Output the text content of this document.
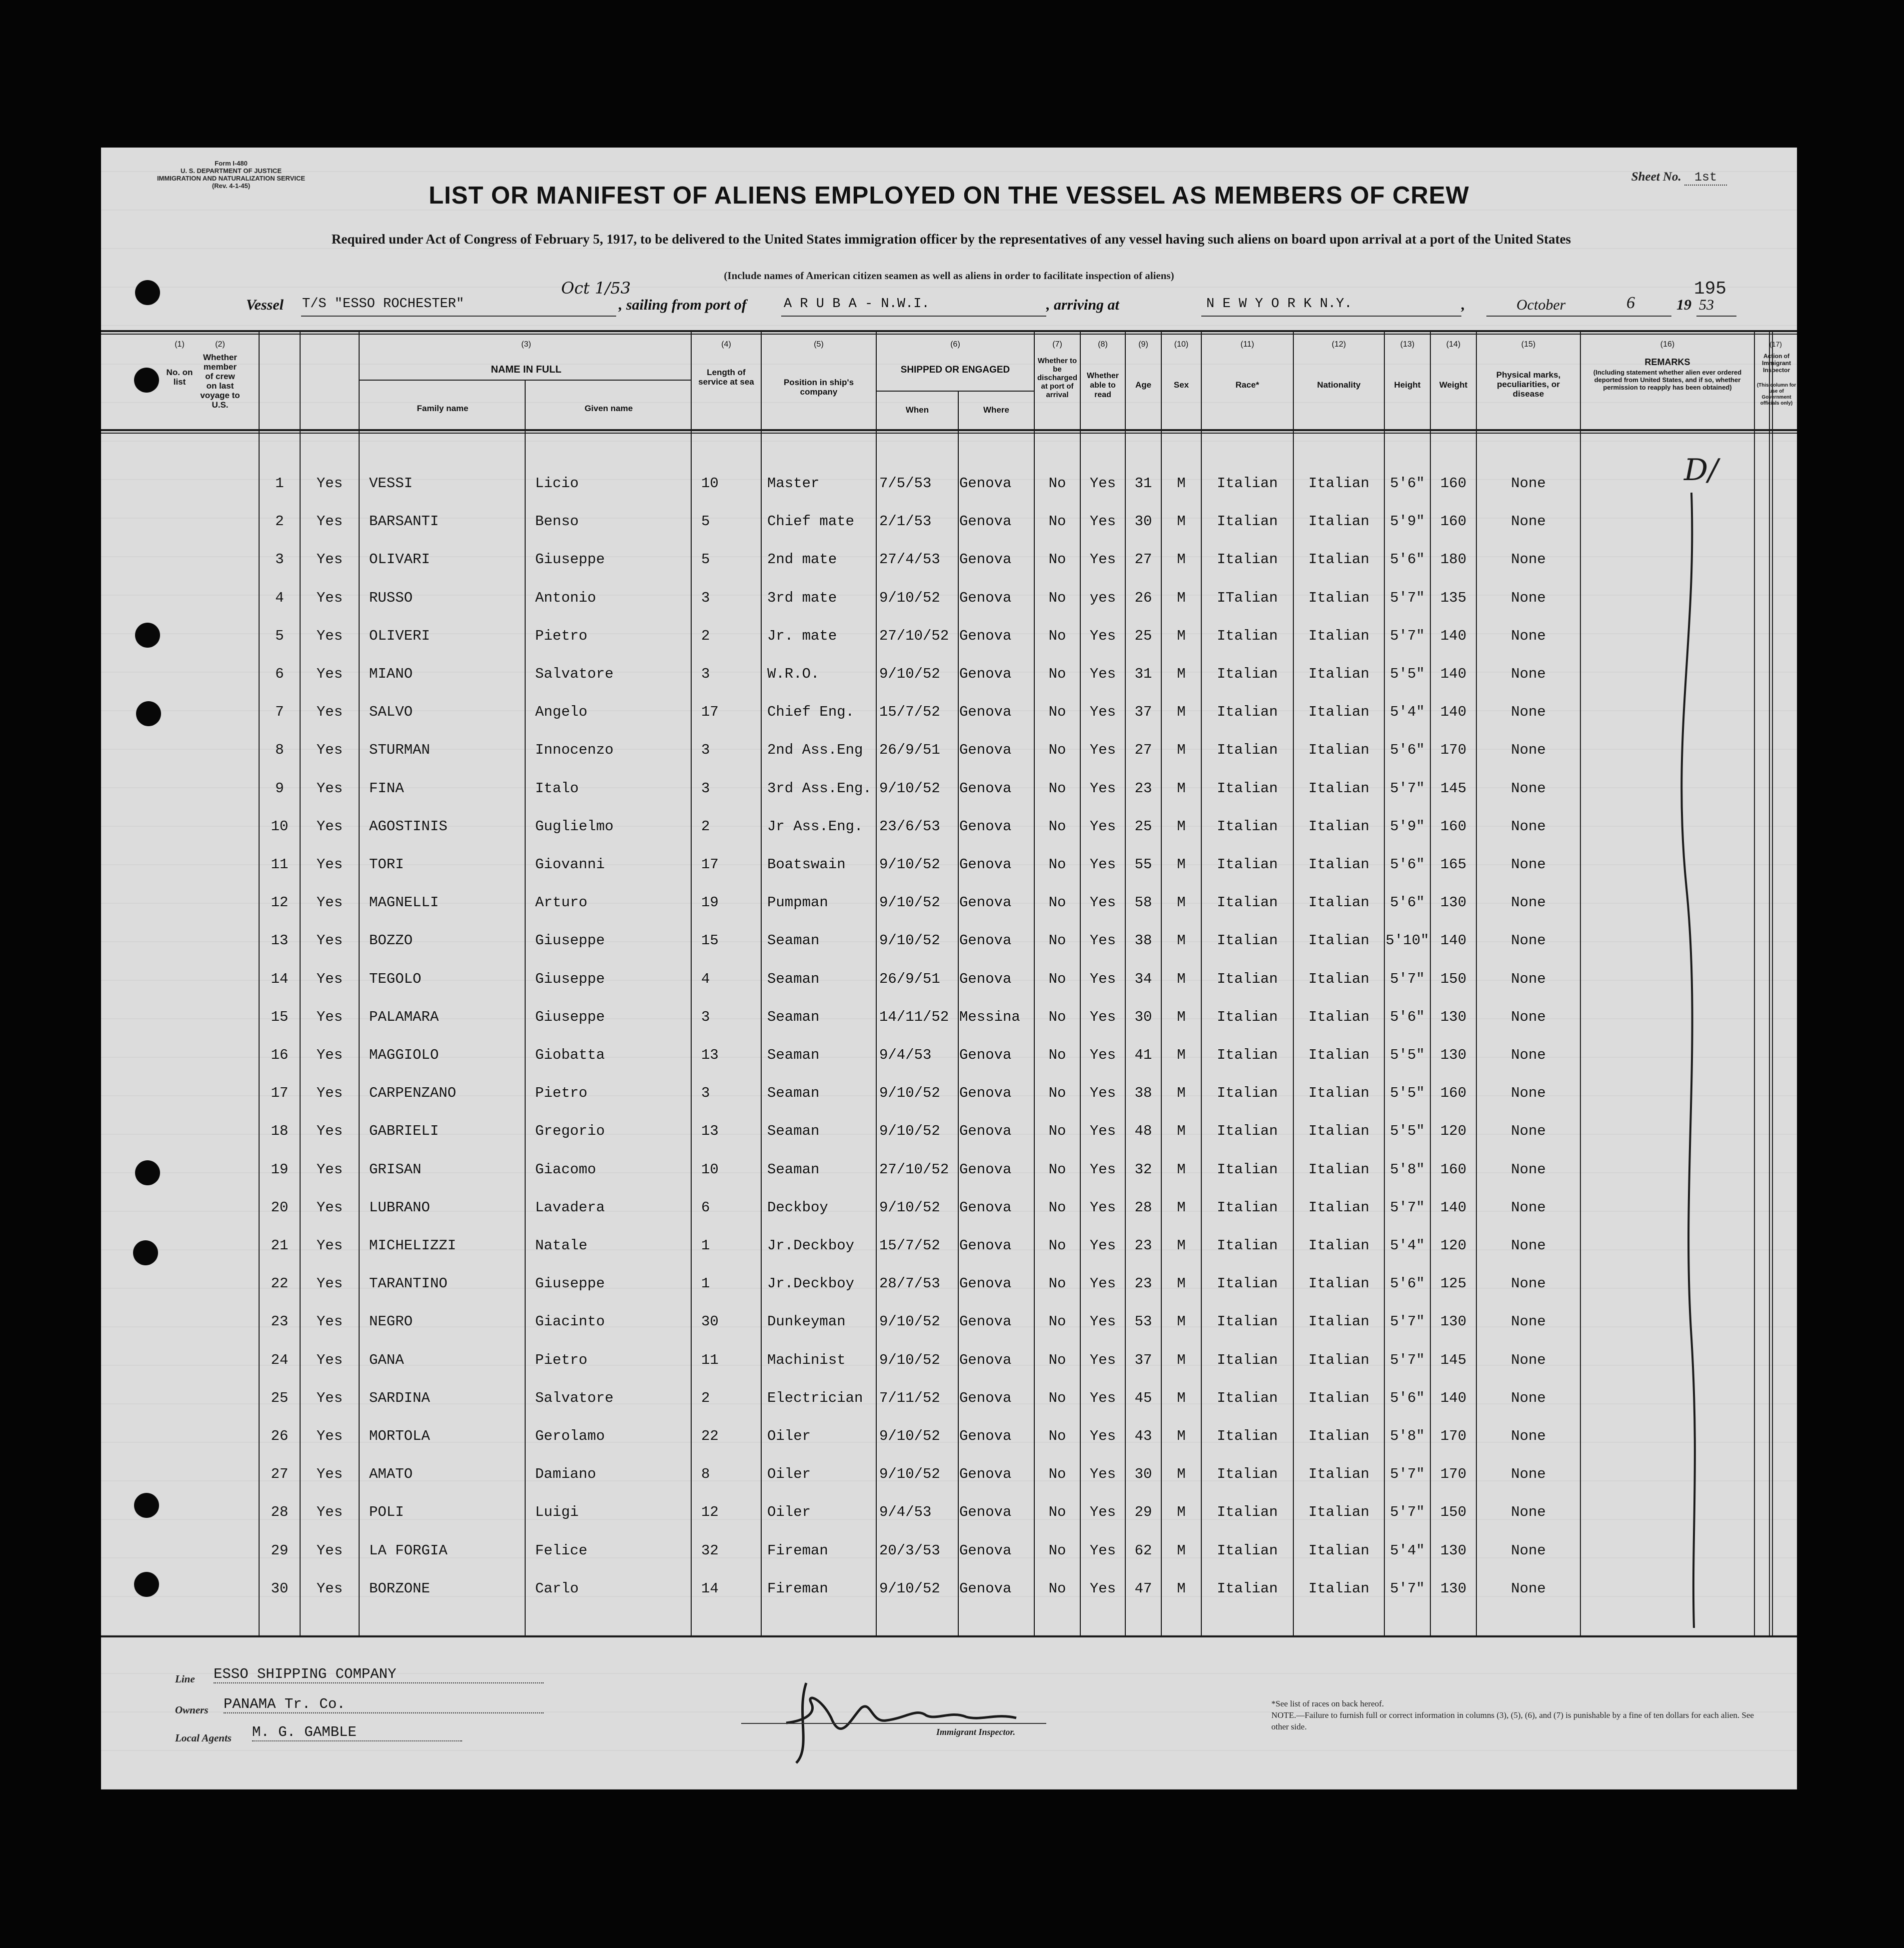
Form I-480
U. S. DEPARTMENT OF JUSTICE
IMMIGRATION AND NATURALIZATION SERVICE
(Rev. 4-1-45)
Sheet No. 1st
LIST OR MANIFEST OF ALIENS EMPLOYED ON THE VESSEL AS MEMBERS OF CREW
Required under Act of Congress of February 5, 1917, to be delivered to the United States immigration officer by the representatives of any vessel having such aliens on board upon arrival at a port of the United States
(Include names of American citizen seamen as well as aliens in order to facilitate inspection of aliens)
195
Vessel T/S "ESSO ROCHESTER"
Oct 1/53
, sailing from port of	A R U B A - N.W.I.	, arriving at	N E W Y O R K N.Y.	,	October	6	19 53
(1)
No. on list
(2)
Whether member of crew on last voyage to U.S.
(3)
NAME IN FULL
Family name	Given name
(4)
Length of service at sea
(5)
Position in ship's company
(6)
SHIPPED OR ENGAGED
When	Where
(7)
Whether to be discharged at port of arrival
(8)
Whether able to read
(9)
Age
(10)
Sex
(11)
Race*
(12)
Nationality
(13)
Height
(14)
Weight
(15)
Physical marks, peculiarities, or disease
(16)
REMARKS
(Including statement whether alien ever ordered deported from United States, and if so, whether permission to reapply has been obtained)
(17)
Action of Immigrant Inspector
(This column for use of Government officials only)
1	Yes	VESSI	Licio	10	Master	7/5/53	Genova	No	Yes	31	M	Italian	Italian	5'6"	160	None
2	Yes	BARSANTI	Benso	5	Chief mate	2/1/53	Genova	No	Yes	30	M	Italian	Italian	5'9"	160	None
3	Yes	OLIVARI	Giuseppe	5	2nd mate	27/4/53	Genova	No	Yes	27	M	Italian	Italian	5'6"	180	None
4	Yes	RUSSO	Antonio	3	3rd mate	9/10/52	Genova	No	yes	26	M	ITalian	Italian	5'7"	135	None
5	Yes	OLIVERI	Pietro	2	Jr. mate	27/10/52 Genova	No	Yes	25	M	Italian	Italian	5'7"	140	None
6	Yes	MIANO	Salvatore	3	W.R.O.	9/10/52	Genova	No	Yes	31	M	Italian	Italian	5'5"	140	None
7	Yes	SALVO	Angelo	17	Chief Eng.	15/7/52	Genova	No	Yes	37	M	Italian	Italian	5'4"	140	None
8	Yes	STURMAN	Innocenzo	3	2nd Ass.Eng	26/9/51	Genova	No	Yes	27	M	Italian	Italian	5'6"	170	None
9	Yes	FINA	Italo	3	3rd Ass.Eng. 9/10/52	Genova	No	Yes	23	M	Italian	Italian	5'7"	145	None
10	Yes	AGOSTINIS	Guglielmo	2	Jr Ass.Eng.	23/6/53	Genova	No	Yes	25	M	Italian	Italian	5'9"	160	None
11	Yes	TORI	Giovanni	17	Boatswain	9/10/52	Genova	No	Yes	55	M	Italian	Italian	5'6"	165	None
12	Yes	MAGNELLI	Arturo	19	Pumpman	9/10/52	Genova	No	Yes	58	M	Italian	Italian	5'6"	130	None
13	Yes	BOZZO	Giuseppe	15	Seaman	9/10/52	Genova	No	Yes	38	M	Italian	Italian	5'10" 140	None
14	Yes	TEGOLO	Giuseppe	4	Seaman	26/9/51	Genova	No	Yes	34	M	Italian	Italian	5'7"	150	None
15	Yes	PALAMARA	Giuseppe	3	Seaman	14/11/52 Messina	No	Yes	30	M	Italian	Italian	5'6"	130	None
16	Yes	MAGGIOLO	Giobatta	13	Seaman	9/4/53	Genova	No	Yes	41	M	Italian	Italian	5'5"	130	None
17	Yes	CARPENZANO	Pietro	3	Seaman	9/10/52	Genova	No	Yes	38	M	Italian	Italian	5'5"	160	None
18	Yes	GABRIELI	Gregorio	13	Seaman	9/10/52	Genova	No	Yes	48	M	Italian	Italian	5'5"	120	None
19	Yes	GRISAN	Giacomo	10	Seaman	27/10/52 Genova	No	Yes	32	M	Italian	Italian	5'8"	160	None
20	Yes	LUBRANO	Lavadera	6	Deckboy	9/10/52	Genova	No	Yes	28	M	Italian	Italian	5'7"	140	None
21	Yes	MICHELIZZI	Natale	1	Jr.Deckboy	15/7/52	Genova	No	Yes	23	M	Italian	Italian	5'4"	120	None
22	Yes	TARANTINO	Giuseppe	1	Jr.Deckboy	28/7/53	Genova	No	Yes	23	M	Italian	Italian	5'6"	125	None
23	Yes	NEGRO	Giacinto	30	Dunkeyman	9/10/52	Genova	No	Yes	53	M	Italian	Italian	5'7"	130	None
24	Yes	GANA	Pietro	11	Machinist	9/10/52	Genova	No	Yes	37	M	Italian	Italian	5'7"	145	None
25	Yes	SARDINA	Salvatore	2	Electrician	7/11/52	Genova	No	Yes	45	M	Italian	Italian	5'6"	140	None
26	Yes	MORTOLA	Gerolamo	22	Oiler	9/10/52	Genova	No	Yes	43	M	Italian	Italian	5'8"	170	None
27	Yes	AMATO	Damiano	8	Oiler	9/10/52	Genova	No	Yes	30	M	Italian	Italian	5'7"	170	None
28	Yes	POLI	Luigi	12	Oiler	9/4/53	Genova	No	Yes	29	M	Italian	Italian	5'7"	150	None
29	Yes	LA FORGIA	Felice	32	Fireman	20/3/53	Genova	No	Yes	62	M	Italian	Italian	5'4"	130	None
30	Yes	BORZONE	Carlo	14	Fireman	9/10/52	Genova	No	Yes	47	M	Italian	Italian	5'7"	130	None
D/
Line ESSO SHIPPING COMPANY
Owners PANAMA Tr. Co.
Local Agents M. G. GAMBLE	Immigrant Inspector.
*See list of races on back hereof.
NOTE.—Failure to furnish full or correct information in columns (3), (5), (6), and (7) is punishable by a fine of ten dollars for each alien. See other side.
